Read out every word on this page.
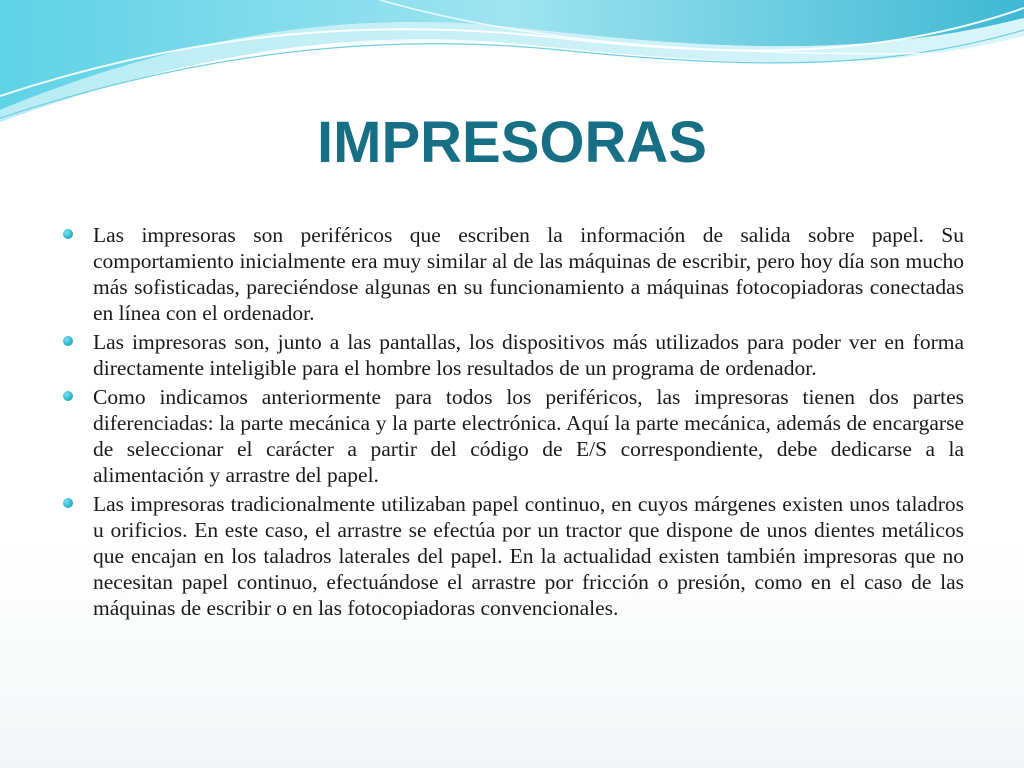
IMPRESORAS
Las impresoras son periféricos que escriben la información de salida sobre papel. Su comportamiento inicialmente era muy similar al de las máquinas de escribir, pero hoy día son mucho más sofisticadas, pareciéndose algunas en su funcionamiento a máquinas fotocopiadoras conectadas en línea con el ordenador.
Las impresoras son, junto a las pantallas, los dispositivos más utilizados para poder ver en forma directamente inteligible para el hombre los resultados de un programa de ordenador.
Como indicamos anteriormente para todos los periféricos, las impresoras tienen dos partes diferenciadas: la parte mecánica y la parte electrónica. Aquí la parte mecánica, además de encargarse de seleccionar el carácter a partir del código de E/S correspondiente, debe dedicarse a la alimentación y arrastre del papel.
Las impresoras tradicionalmente utilizaban papel continuo, en cuyos márgenes existen unos taladros u orificios. En este caso, el arrastre se efectúa por un tractor que dispone de unos dientes metálicos que encajan en los taladros laterales del papel. En la actualidad existen también impresoras que no necesitan papel continuo, efectuándose el arrastre por fricción o presión, como en el caso de las máquinas de escribir o en las fotocopiadoras convencionales.
